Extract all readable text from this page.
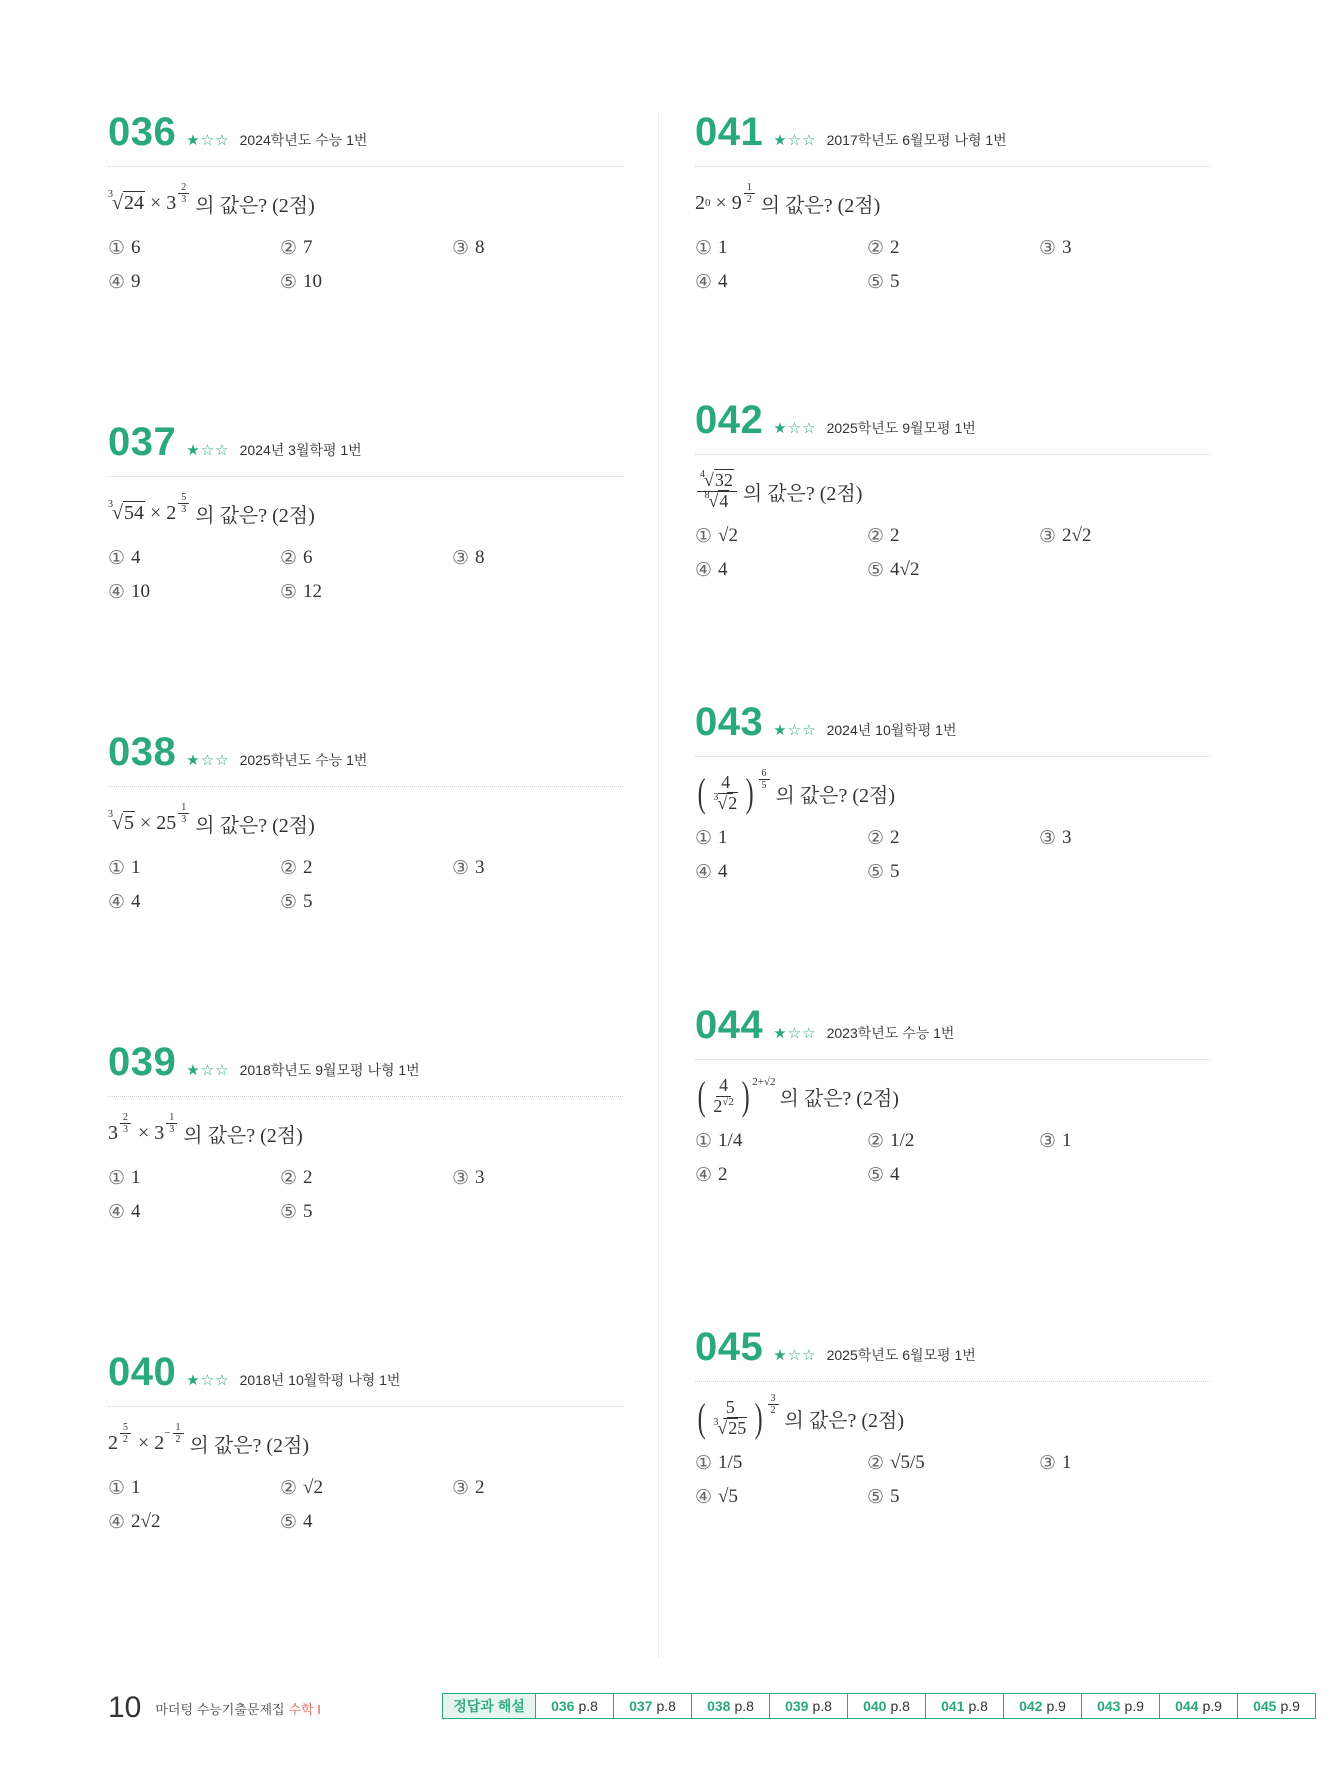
036 ★☆☆ 2024학년도 수능 1번
3 √ $24 \times 3 \frac{2}{3}$
의 값은? (2점)
① 6	② 7	③ 8
④ 9	⑤ 10
037 ★☆☆ 2024년 3월학평 1번
3 √ $54 \times 2 \frac{5}{3}$
의 값은? (2점)
① 4	② 6	③ 8
④ 10	⑤ 12
038 ★☆☆ 2025학년도 수능 1번
3 √ $5 \times 25 \frac{1}{3}$
의 값은? (2점)
① 1	② 2	③ 3
④ 4	⑤ 5
039 ★☆☆ 2018학년도 9월모평 나형 1번
$3 \frac{2}{3} \times 3 \frac{1}{3}$
의 값은? (2점)
① 1	② 2	③ 3
④ 4	⑤ 5
040 ★☆☆ 2018년 10월학평 나형 1번
$2 \frac{5}{2} \times 2 - \frac{1}{2}$
의 값은? (2점)
① 1	② √2	③ 2
④ 2√2	⑤ 4
041 ★☆☆ 2017학년도 6월모평 나형 1번
2 $0 \times 9 \frac{1}{2}$
의 값은? (2점)
① 1	② 2	③ 3
④ 4	⑤ 5
042 ★☆☆ 2025학년도 9월모평 1번
$\frac{^4√32}{^8√4}$ 의 값은? (2점)
① √2	② 2	③ 2√2
④ 4	⑤ 4√2
043 ★☆☆ 2024년 10월학평 1번
( $\frac{4}{^3√2}$ ) $\frac{6}{5}$
의 값은? (2점)
① 1	② 2	③ 3
④ 4	⑤ 5
044 ★☆☆ 2023학년도 수능 1번
( $\frac{4}{2^{√2}}$ ) 2+√2
의 값은? (2점)
① 1/4	② 1/2	③ 1
④ 2	⑤ 4
045 ★☆☆ 2025학년도 6월모평 1번
( $\frac{5}{^3√25}$ ) $\frac{3}{2}$
의 값은? (2점)
① 1/5	② √5/5	③ 1
④ √5	⑤ 5
10 마더텅 수능기출문제집 수학 I	정답과 해설	036 p.8 037 p.8 038 p.8 039 p.8 040 p.8 041 p.8 042 p.9 043 p.9 044 p.9 045 p.9
